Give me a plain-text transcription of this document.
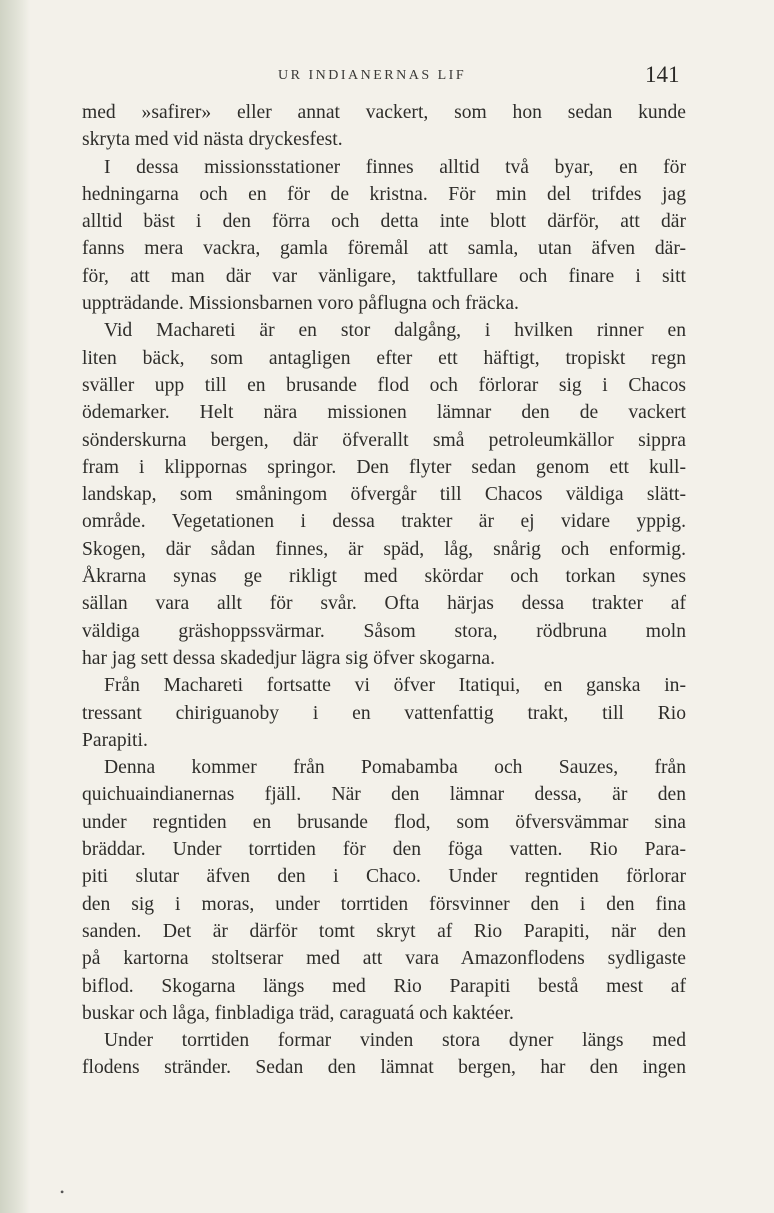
UR INDIANERNAS LIF	141
med »safirer» eller annat vackert, som hon sedan kunde
skryta med vid nästa dryckesfest.
I dessa missionsstationer finnes alltid två byar, en för
hedningarna och en för de kristna. För min del trifdes jag
alltid bäst i den förra och detta inte blott därför, att där
fanns mera vackra, gamla föremål att samla, utan äfven där-
för, att man där var vänligare, taktfullare och finare i sitt
uppträdande. Missionsbarnen voro påflugna och fräcka.
Vid Machareti är en stor dalgång, i hvilken rinner en
liten bäck, som antagligen efter ett häftigt, tropiskt regn
sväller upp till en brusande flod och förlorar sig i Chacos
ödemarker. Helt nära missionen lämnar den de vackert
sönderskurna bergen, där öfverallt små petroleumkällor sippra
fram i klippornas springor. Den flyter sedan genom ett kull-
landskap, som småningom öfvergår till Chacos väldiga slätt-
område. Vegetationen i dessa trakter är ej vidare yppig.
Skogen, där sådan finnes, är späd, låg, snårig och enformig.
Åkrarna synas ge rikligt med skördar och torkan synes
sällan vara allt för svår. Ofta härjas dessa trakter af
väldiga gräshoppssvärmar. Såsom stora, rödbruna moln
har jag sett dessa skadedjur lägra sig öfver skogarna.
Från Machareti fortsatte vi öfver Itatiqui, en ganska in-
tressant chiriguanoby i en vattenfattig trakt, till Rio
Parapiti.
Denna kommer från Pomabamba och Sauzes, från
quichuaindianernas fjäll. När den lämnar dessa, är den
under regntiden en brusande flod, som öfversvämmar sina
bräddar. Under torrtiden för den föga vatten. Rio Para-
piti slutar äfven den i Chaco. Under regntiden förlorar
den sig i moras, under torrtiden försvinner den i den fina
sanden. Det är därför tomt skryt af Rio Parapiti, när den
på kartorna stoltserar med att vara Amazonflodens sydligaste
biflod. Skogarna längs med Rio Parapiti bestå mest af
buskar och låga, finbladiga träd, caraguatá och kaktéer.
Under torrtiden formar vinden stora dyner längs med
flodens stränder. Sedan den lämnat bergen, har den ingen
•
